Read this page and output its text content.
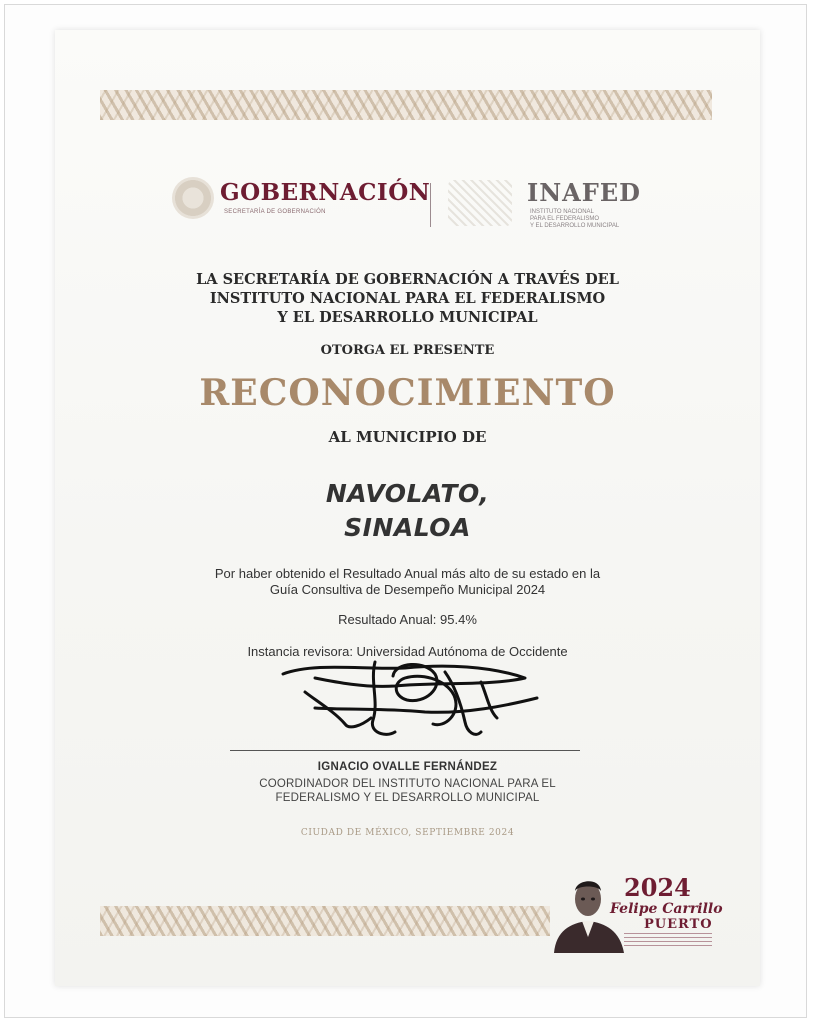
GOBERNACIÓN
SECRETARÍA DE GOBERNACIÓN
INAFED
INSTITUTO NACIONAL
PARA EL FEDERALISMO
Y EL DESARROLLO MUNICIPAL
LA SECRETARÍA DE GOBERNACIÓN A TRAVÉS DEL
INSTITUTO NACIONAL PARA EL FEDERALISMO
Y EL DESARROLLO MUNICIPAL
OTORGA EL PRESENTE
RECONOCIMIENTO
AL MUNICIPIO DE
NAVOLATO,
SINALOA
Por haber obtenido el Resultado Anual más alto de su estado en la
Guía Consultiva de Desempeño Municipal 2024
Resultado Anual: 95.4%
Instancia revisora: Universidad Autónoma de Occidente
IGNACIO OVALLE FERNÁNDEZ
COORDINADOR DEL INSTITUTO NACIONAL PARA EL
FEDERALISMO Y EL DESARROLLO MUNICIPAL
CIUDAD DE MÉXICO, SEPTIEMBRE 2024
2024
Felipe Carrillo
PUERTO
